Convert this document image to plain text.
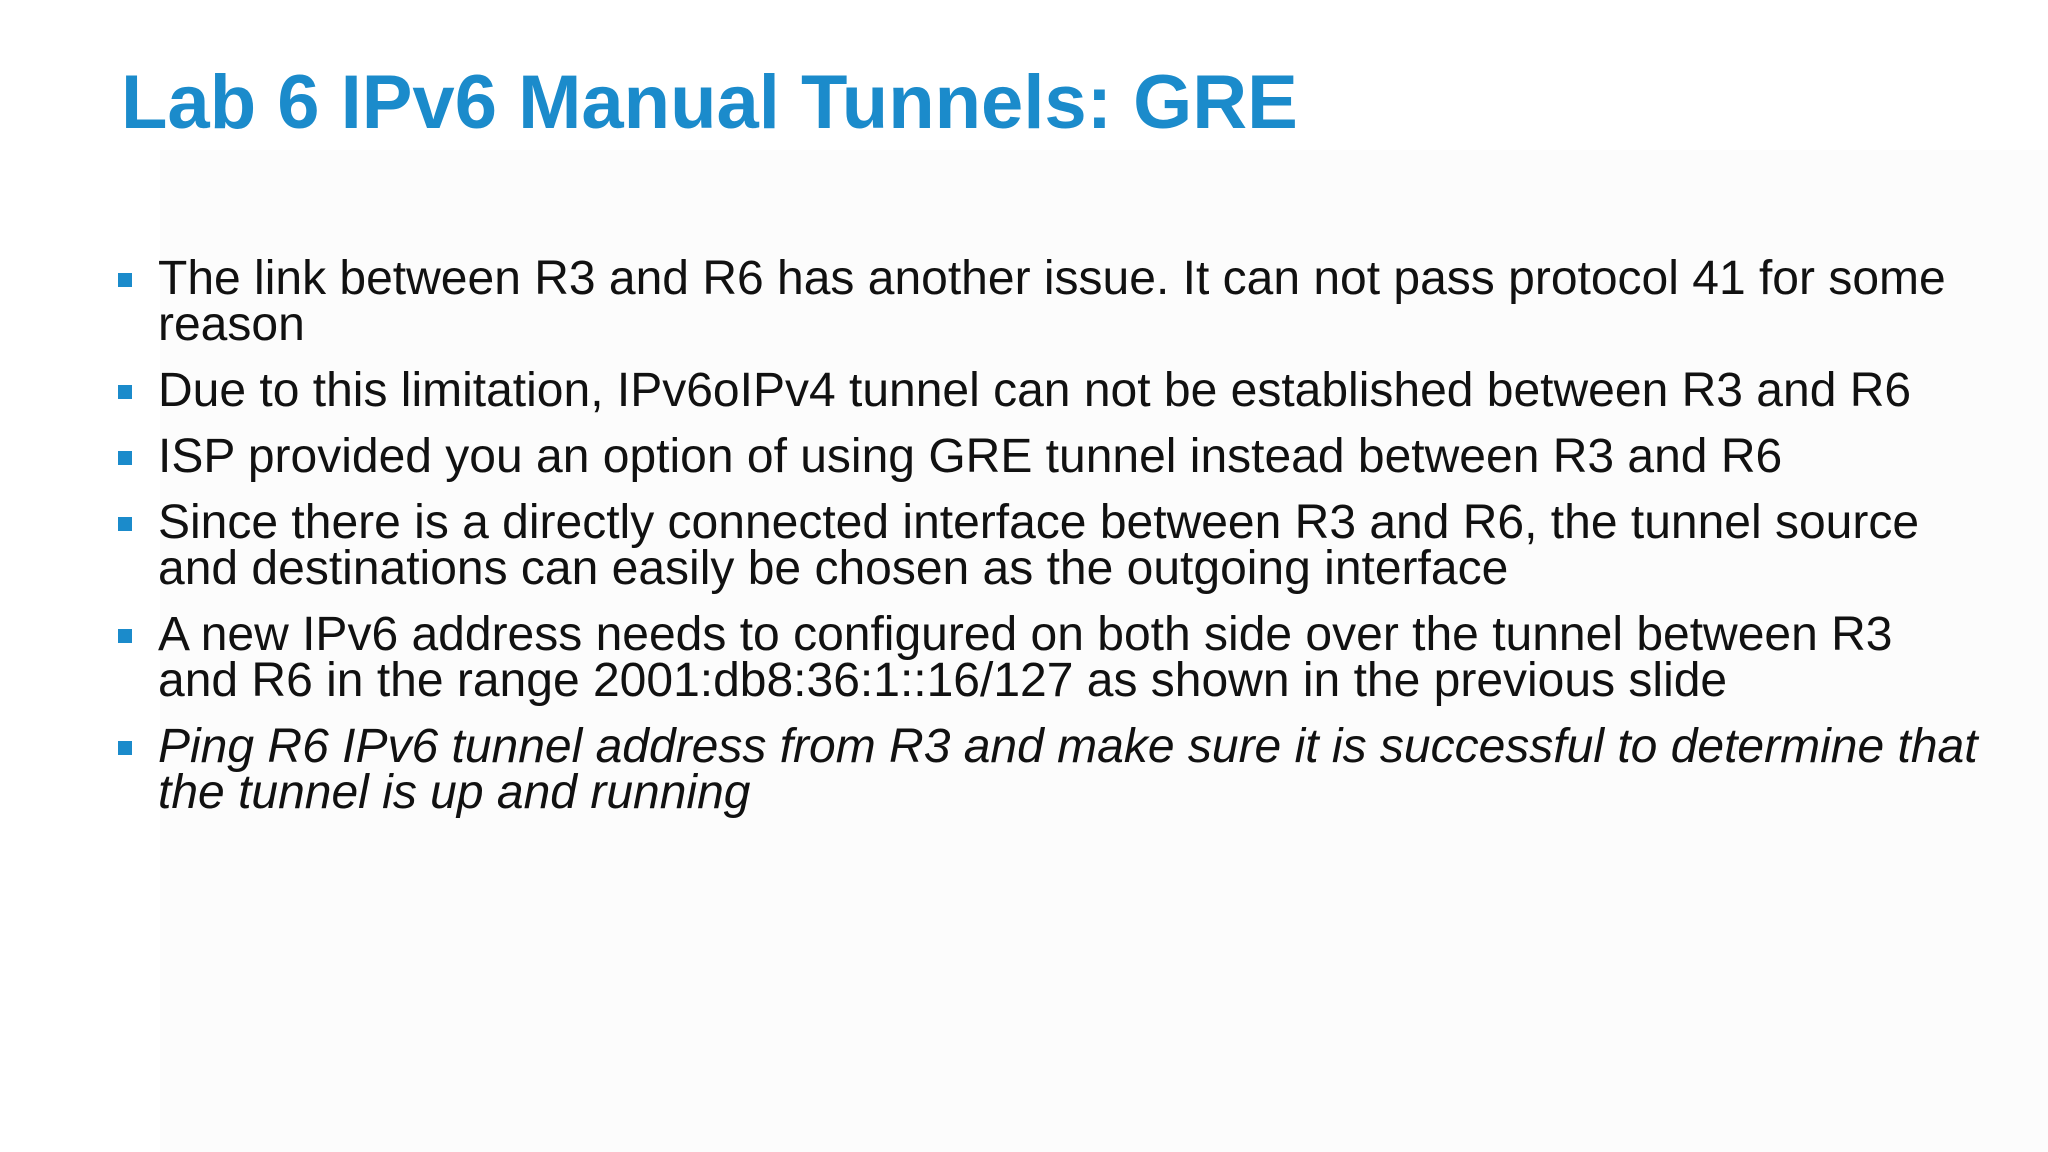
Lab 6 IPv6 Manual Tunnels: GRE
The link between R3 and R6 has another issue. It can not pass protocol 41 for some reason
Due to this limitation, IPv6oIPv4 tunnel can not be established between R3 and R6
ISP provided you an option of using GRE tunnel instead between R3 and R6
Since there is a directly connected interface between R3 and R6, the tunnel source and destinations can easily be chosen as the outgoing interface
A new IPv6 address needs to configured on both side over the tunnel between R3 and R6 in the range 2001:db8:36:1::16/127 as shown in the previous slide
Ping R6 IPv6 tunnel address from R3 and make sure it is successful to determine that the tunnel is up and running
